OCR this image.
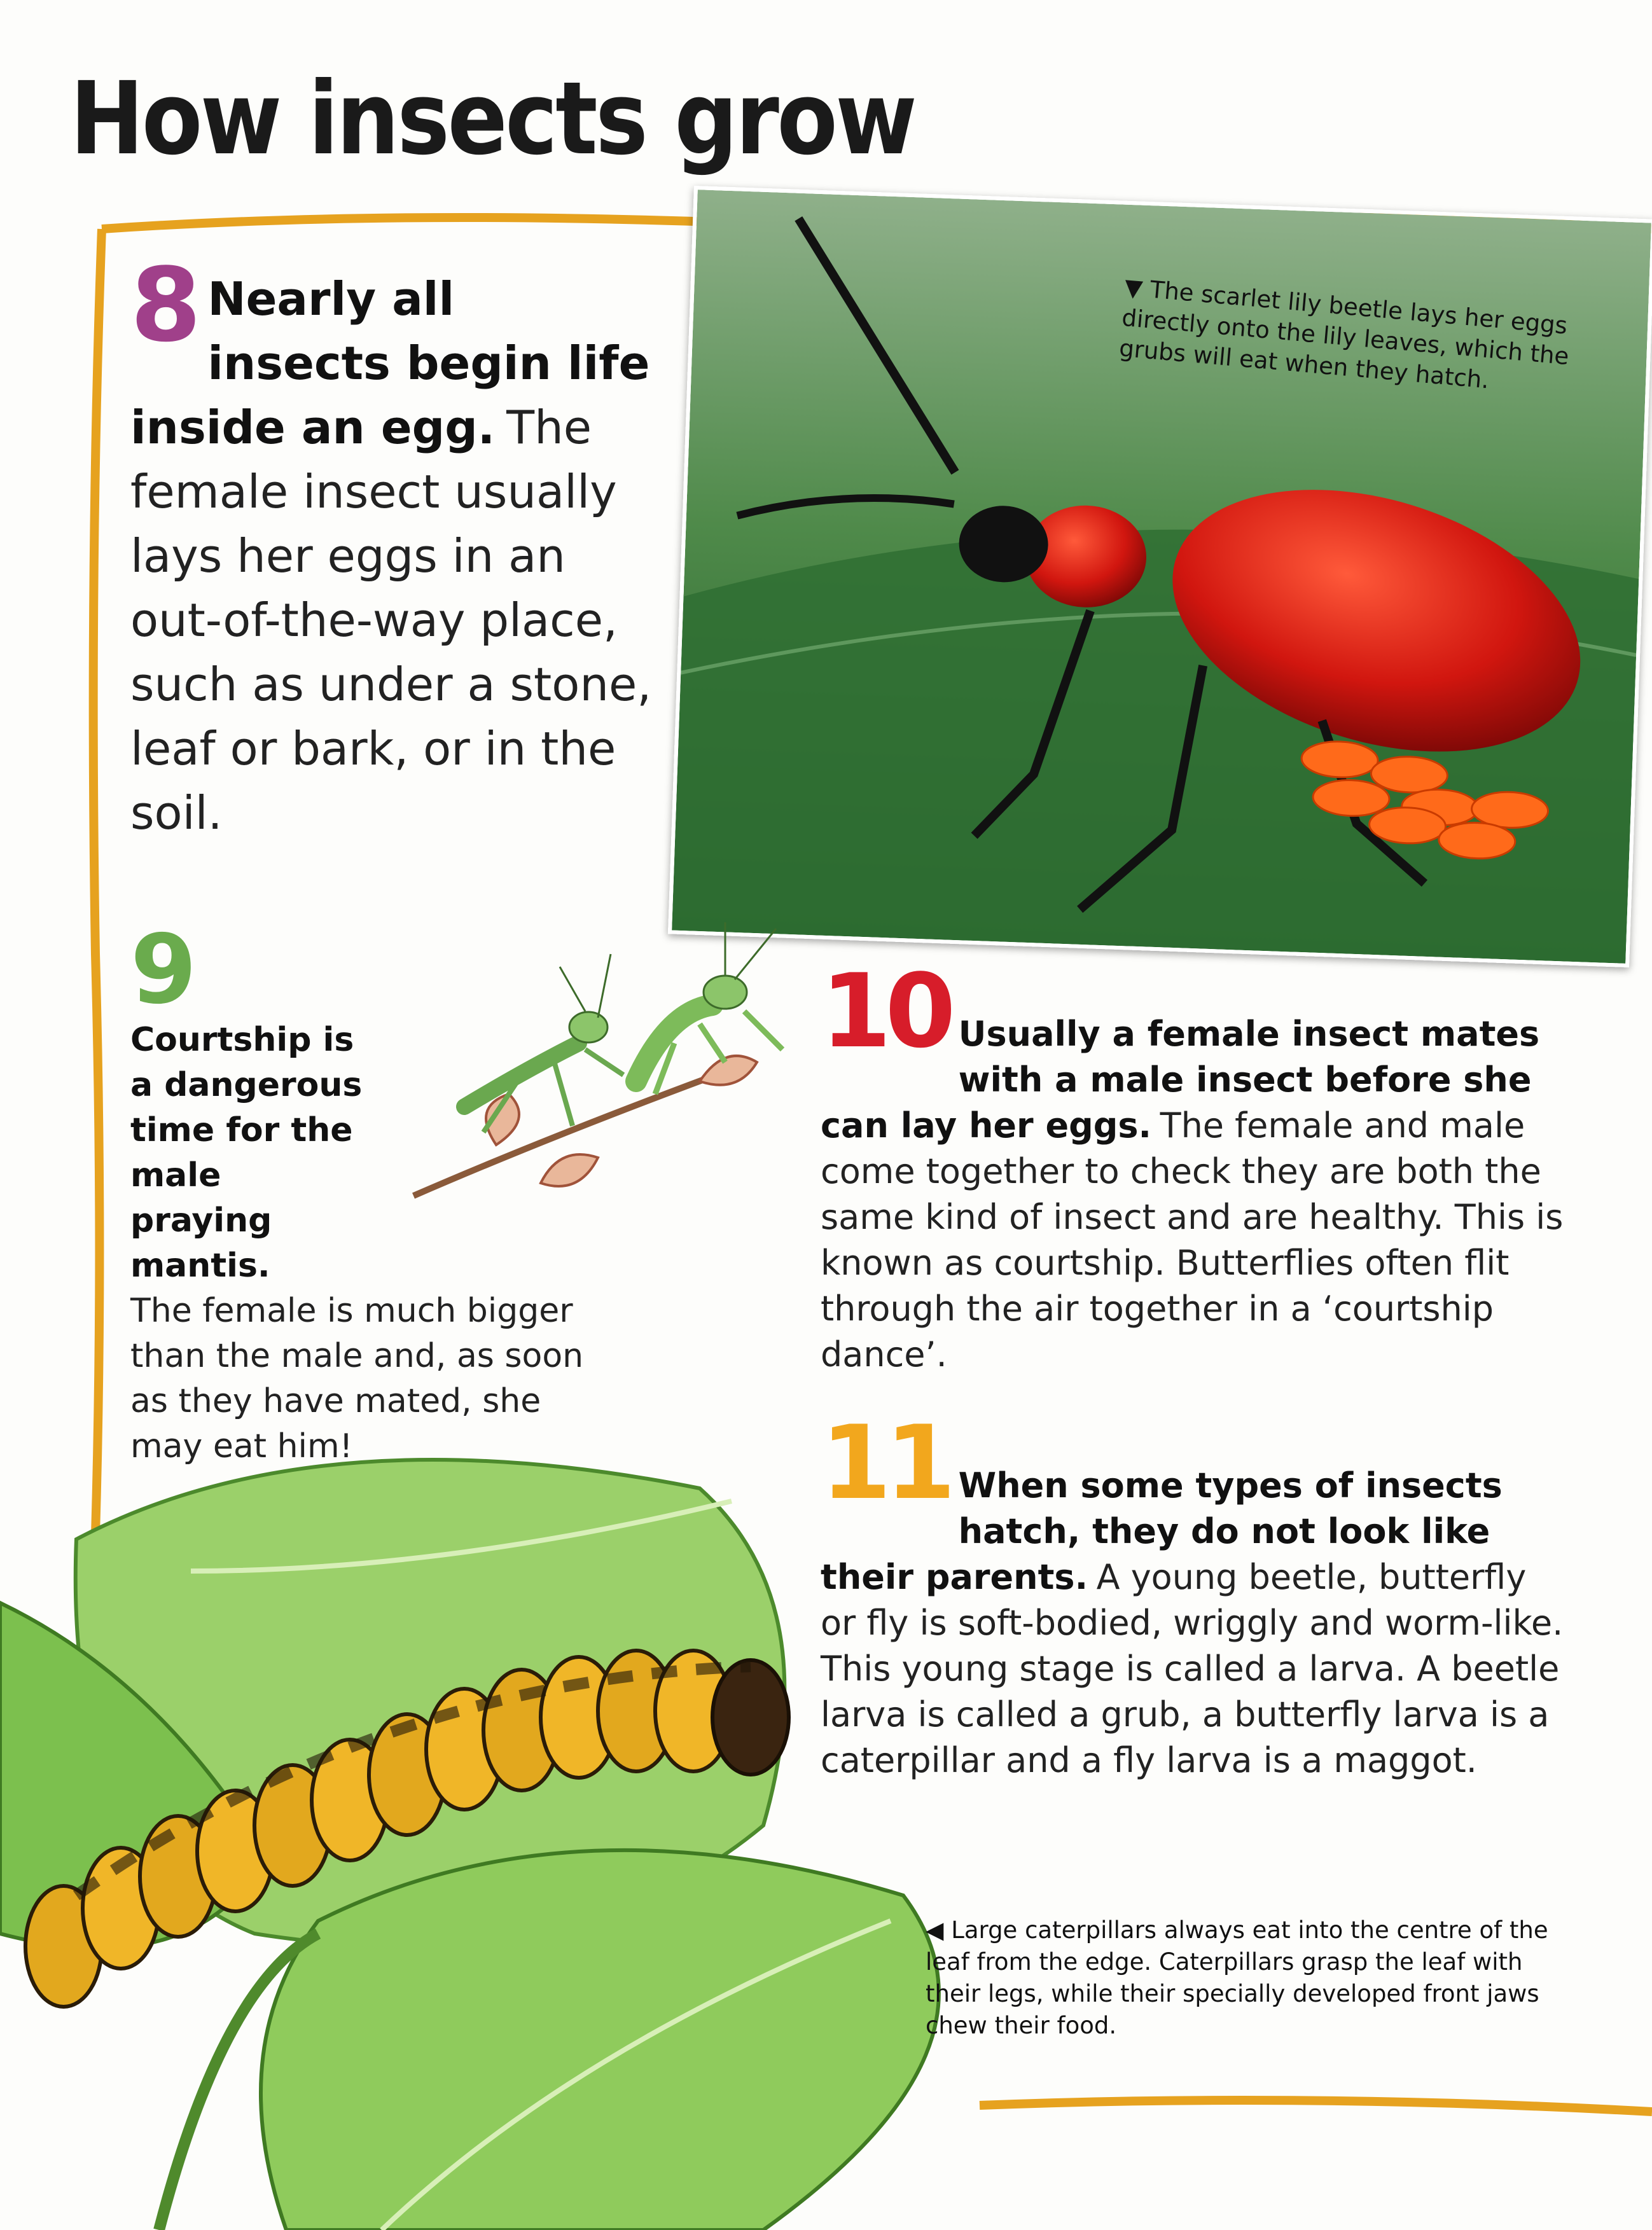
How insects grow
▼ The scarlet lily beetle lays her eggs directly onto the lily leaves, which the grubs will eat when they hatch.
8 Nearly all insects begin life inside an egg. The female insect usually lays her eggs in an out-of-the-way place, such as under a stone, leaf or bark, or in the soil.
9
Courtship is a dangerous time for the male praying mantis.
The female is much bigger than the male and, as soon as they have mated, she may eat him!
10 Usually a female insect mates with a male insect before she can lay her eggs. The female and male come together to check they are both the same kind of insect and are healthy. This is known as courtship. Butterflies often flit through the air together in a ‘courtship dance’.
11 When some types of insects hatch, they do not look like their parents. A young beetle, butterfly or fly is soft-bodied, wriggly and worm-like. This young stage is called a larva. A beetle larva is called a grub, a butterfly larva is a caterpillar and a fly larva is a maggot.
◀ Large caterpillars always eat into the centre of the leaf from the edge. Caterpillars grasp the leaf with their legs, while their specially developed front jaws chew their food.
